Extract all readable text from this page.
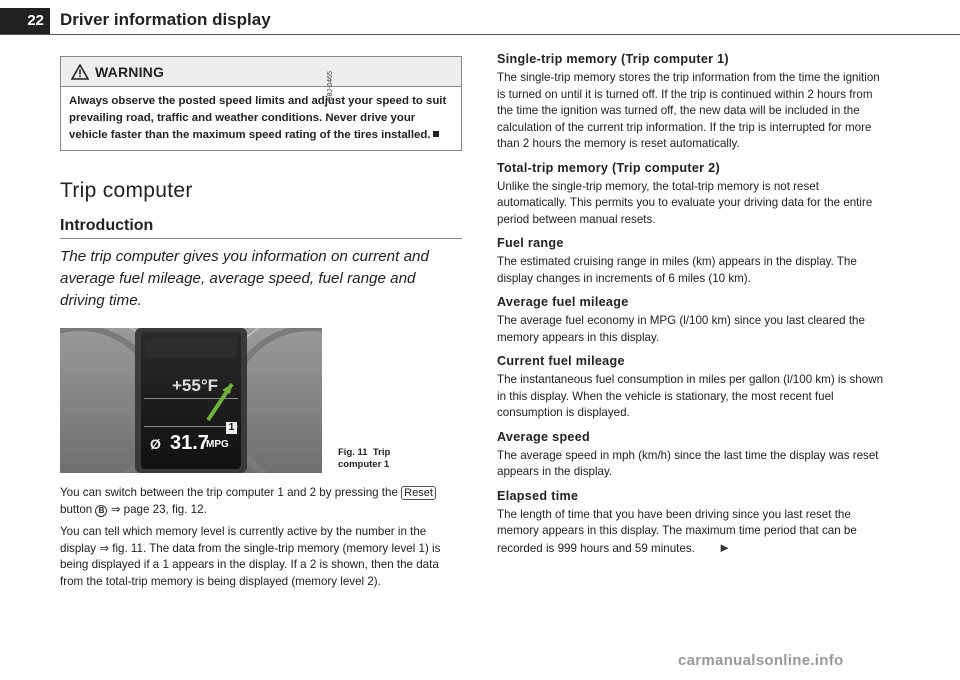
22 Driver information display
WARNING
Always observe the posted speed limits and adjust your speed to suit prevailing road, traffic and weather conditions. Never drive your vehicle faster than the maximum speed rating of the tires installed.
Trip computer
Introduction
The trip computer gives you information on current and average fuel mileage, average speed, fuel range and driving time.
+55°F
Ø 31.7
MPG
1
B8J-0465
Fig. 11 Trip computer 1

You can switch between the trip computer 1 and 2 by pressing the Reset button B ⇒ page 23, fig. 12.

You can tell which memory level is currently active by the number in the display ⇒ fig. 11. The data from the single-trip memory (memory level 1) is being displayed if a 1 appears in the display. If a 2 is shown, then the data from the total-trip memory is being displayed (memory level 2).

Single-trip memory (Trip computer 1)
The single-trip memory stores the trip information from the time the ignition is turned on until it is turned off. If the trip is continued within 2 hours from the time the ignition was turned off, the new data will be included in the calculation of the current trip information. If the trip is interrupted for more than 2 hours the memory is reset automatically.
Total-trip memory (Trip computer 2)
Unlike the single-trip memory, the total-trip memory is not reset automatically. This permits you to evaluate your driving data for the entire period between manual resets.
Fuel range
The estimated cruising range in miles (km) appears in the display. The display changes in increments of 6 miles (10 km).
Average fuel mileage
The average fuel economy in MPG (l/100 km) since you last cleared the memory appears in this display.
Current fuel mileage
The instantaneous fuel consumption in miles per gallon (l/100 km) is shown in this display. When the vehicle is stationary, the most recent fuel consumption is displayed.
Average speed
The average speed in mph (km/h) since the last time the display was reset appears in the display.
Elapsed time
The length of time that you have been driving since you last reset the memory appears in this display. The maximum time period that can be recorded is 999 hours and 59 minutes. ►
carmanualsonline.info
